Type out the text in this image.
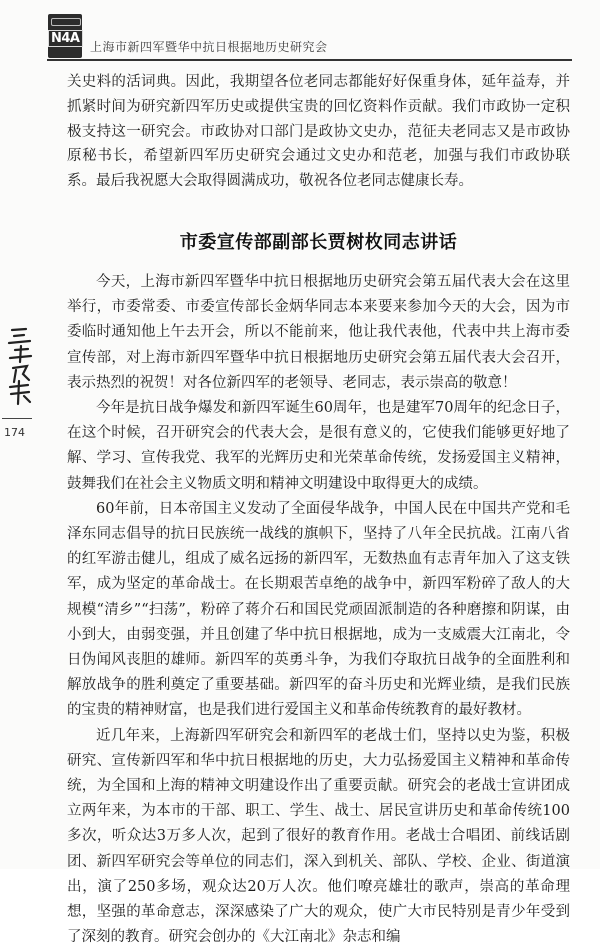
N4A
上海市新四军暨华中抗日根据地历史研究会
174

关史料的活词典。因此，我期望各位老同志都能好好保重身体，延年益寿，并抓紧时间为研究新四军历史或提供宝贵的回忆资料作贡献。我们市政协一定积极支持这一研究会。市政协对口部门是政协文史办，范征夫老同志又是市政协原秘书长，希望新四军历史研究会通过文史办和范老，加强与我们市政协联系。最后我祝愿大会取得圆满成功，敬祝各位老同志健康长寿。

市委宣传部副部长贾树枚同志讲话

今天，上海市新四军暨华中抗日根据地历史研究会第五届代表大会在这里举行，市委常委、市委宣传部长金炳华同志本来要来参加今天的大会，因为市委临时通知他上午去开会，所以不能前来，他让我代表他，代表中共上海市委宣传部，对上海市新四军暨华中抗日根据地历史研究会第五届代表大会召开，表示热烈的祝贺！对各位新四军的老领导、老同志，表示崇高的敬意！

今年是抗日战争爆发和新四军诞生60周年，也是建军70周年的纪念日子，在这个时候，召开研究会的代表大会，是很有意义的，它使我们能够更好地了解、学习、宣传我党、我军的光辉历史和光荣革命传统，发扬爱国主义精神，鼓舞我们在社会主义物质文明和精神文明建设中取得更大的成绩。

60年前，日本帝国主义发动了全面侵华战争，中国人民在中国共产党和毛泽东同志倡导的抗日民族统一战线的旗帜下，坚持了八年全民抗战。江南八省的红军游击健儿，组成了威名远扬的新四军，无数热血有志青年加入了这支铁军，成为坚定的革命战士。在长期艰苦卓绝的战争中，新四军粉碎了敌人的大规模“清乡”“扫荡”，粉碎了蒋介石和国民党顽固派制造的各种磨擦和阴谋，由小到大，由弱变强，并且创建了华中抗日根据地，成为一支威震大江南北，令日伪闻风丧胆的雄师。新四军的英勇斗争，为我们夺取抗日战争的全面胜利和解放战争的胜利奠定了重要基础。新四军的奋斗历史和光辉业绩，是我们民族的宝贵的精神财富，也是我们进行爱国主义和革命传统教育的最好教材。

近几年来，上海新四军研究会和新四军的老战士们，坚持以史为鉴，积极研究、宣传新四军和华中抗日根据地的历史，大力弘扬爱国主义精神和革命传统，为全国和上海的精神文明建设作出了重要贡献。研究会的老战士宣讲团成立两年来，为本市的干部、职工、学生、战士、居民宣讲历史和革命传统100多次，听众达3万多人次，起到了很好的教育作用。老战士合唱团、前线话剧团、新四军研究会等单位的同志们，深入到机关、部队、学校、企业、街道演出，演了250多场，观众达20万人次。他们嘹亮雄壮的歌声，崇高的革命理想，坚强的革命意志，深深感染了广大的观众，使广大市民特别是青少年受到了深刻的教育。研究会创办的《大江南北》杂志和编
